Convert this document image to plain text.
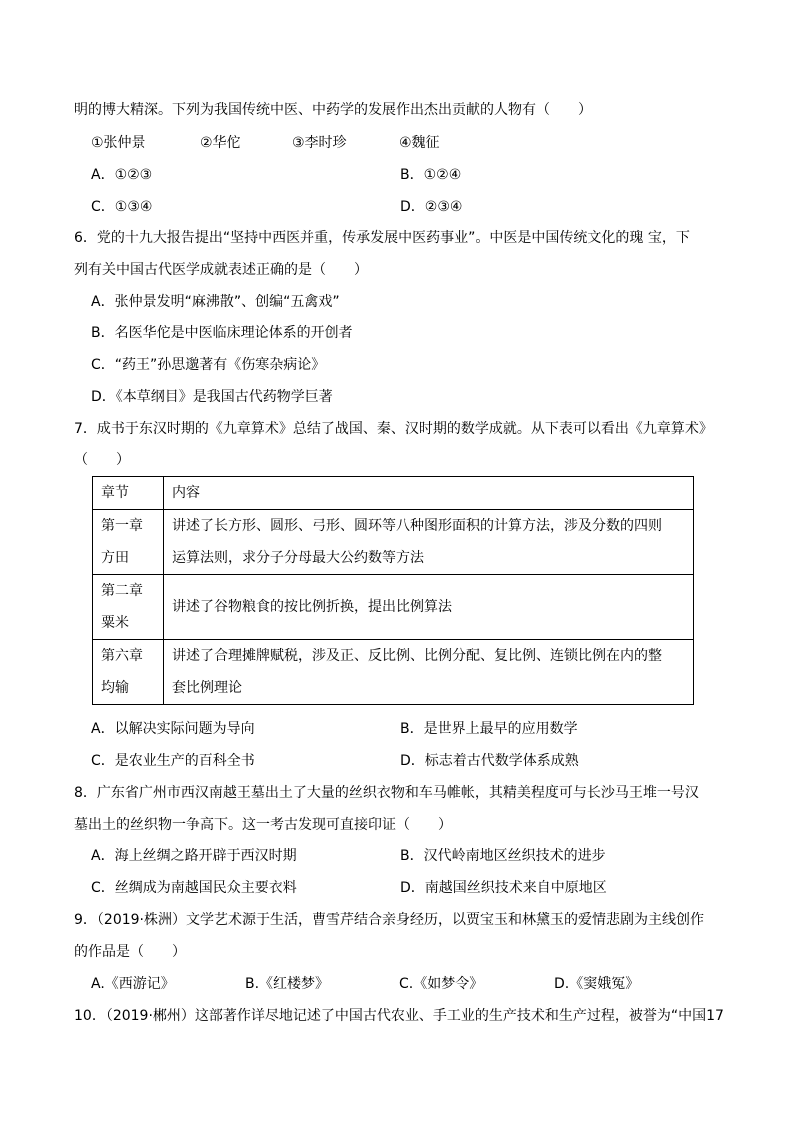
明的博大精深。下列为我国传统中医、中药学的发展作出杰出贡献的人物有（　　）
①张仲景	②华佗	③李时珍	④魏征
A．①②③	B．①②④
C．①③④	D．②③④
6．党的十九大报告提出“坚持中西医并重，传承发展中医药事业”。中医是中国传统文化的瑰 宝，下
列有关中国古代医学成就表述正确的是（　　）
A．张仲景发明“麻沸散”、创编“五禽戏”
B．名医华佗是中医临床理论体系的开创者
C．“药王”孙思邈著有《伤寒杂病论》
D．《本草纲目》是我国古代药物学巨著
7．成书于东汉时期的《九章算术》总结了战国、秦、汉时期的数学成就。从下表可以看出《九章算术》
（　　）
章节	内容

第一章
方田	讲述了长方形、圆形、弓形、圆环等八种图形面积的计算方法，涉及分数的四则
运算法则，求分子分母最大公约数等方法

第二章
粟米	讲述了谷物粮食的按比例折换，提出比例算法

第六章
均输	讲述了合理摊牌赋税，涉及正、反比例、比例分配、复比例、连锁比例在内的整
套比例理论
A．以解决实际问题为导向	B．是世界上最早的应用数学
C．是农业生产的百科全书	D．标志着古代数学体系成熟
8．广东省广州市西汉南越王墓出土了大量的丝织衣物和车马帷帐，其精美程度可与长沙马王堆一号汉
墓出土的丝织物一争高下。这一考古发现可直接印证（　　）
A．海上丝绸之路开辟于西汉时期	B．汉代岭南地区丝织技术的进步
C．丝绸成为南越国民众主要衣料	D．南越国丝织技术来自中原地区
9．（2019·株洲）文学艺术源于生活，曹雪芹结合亲身经历，以贾宝玉和林黛玉的爱情悲剧为主线创作
的作品是（　　）
A.《西游记》	B.《红楼梦》	C.《如梦令》	D.《窦娥冤》
10．（2019·郴州）这部著作详尽地记述了中国古代农业、手工业的生产技术和生产过程，被誉为“中国17
